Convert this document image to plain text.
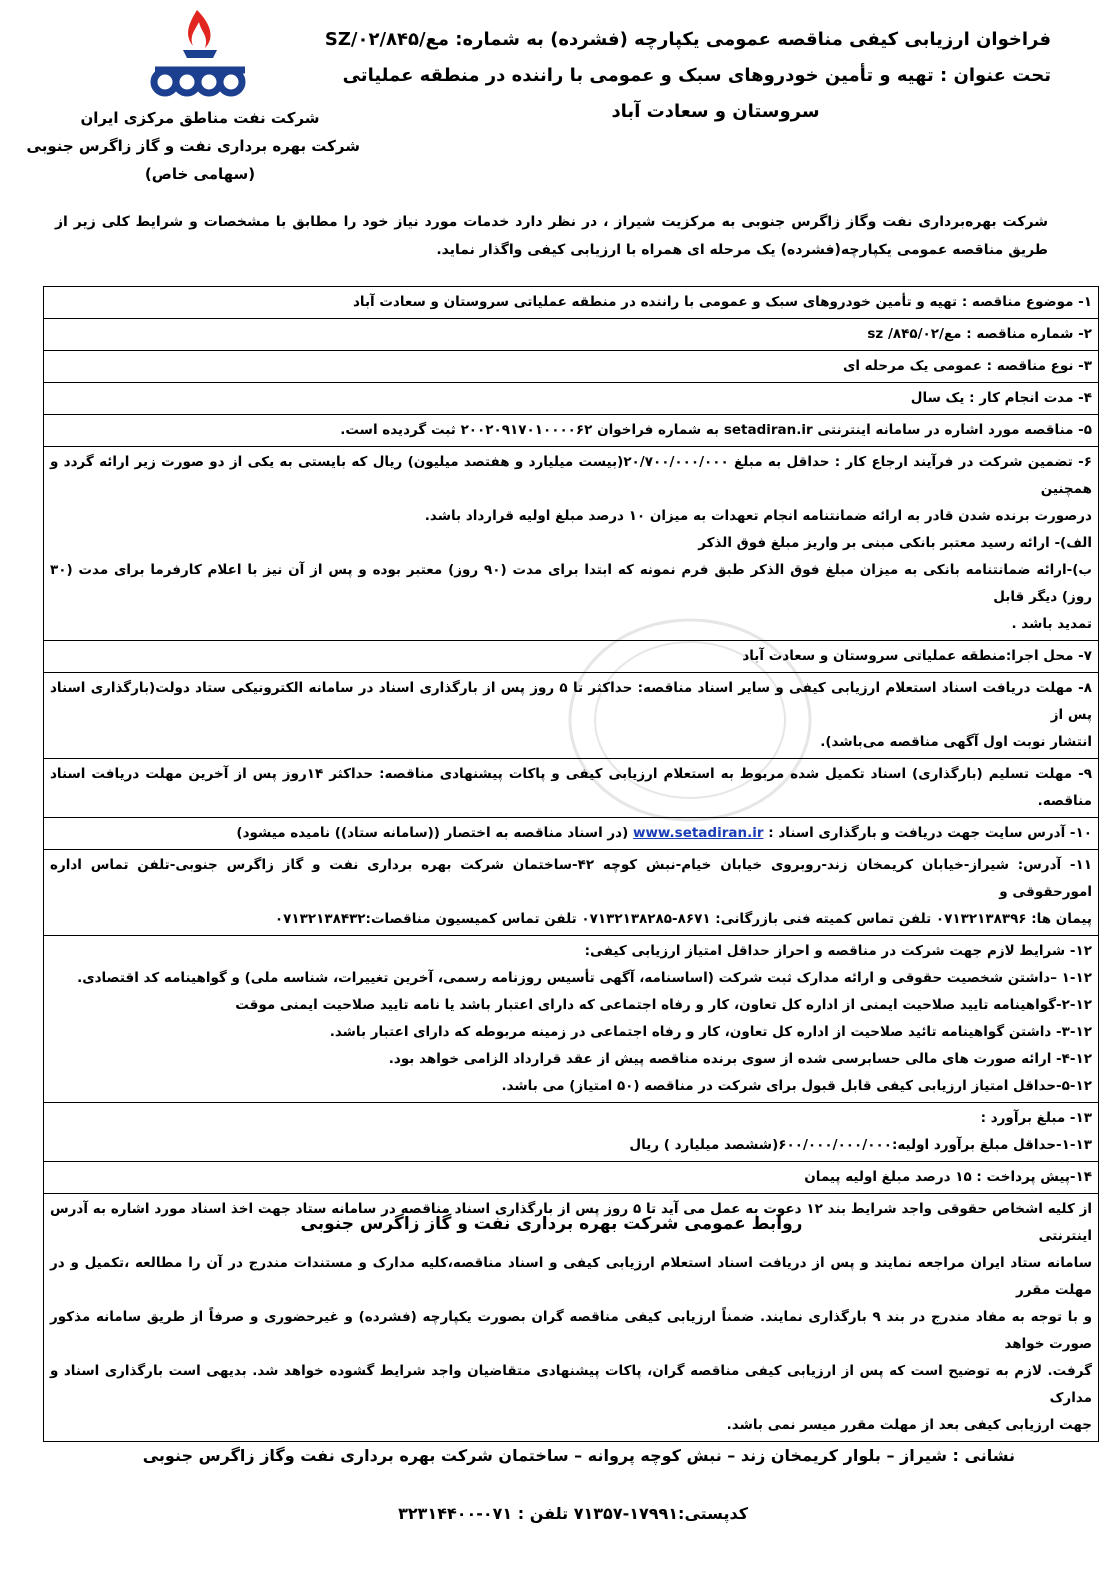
شرکت نفت مناطق مرکزی ایران
شرکت بهره برداری نفت و گاز زاگرس جنوبی
(سهامی خاص)
فراخوان ارزیابی کیفی مناقصه عمومی یکپارچه (فشرده) به شماره: مع/۰۲/۸۴۵/SZ
تحت عنوان : تهیه و تأمین خودروهای سبک و عمومی با راننده در منطقه عملیاتی
سروستان و سعادت آباد
شرکت بهره‌برداری نفت وگاز زاگرس جنوبی به مرکزیت شیراز ، در نظر دارد خدمات مورد نیاز خود را مطابق با مشخصات و شرایط کلی زیر از طریق مناقصه عمومی یکپارچه(فشرده) یک مرحله ای همراه با ارزیابی کیفی واگذار نماید.
۱- موضوع مناقصه : تهیه و تأمین خودروهای سبک و عمومی با راننده در منطقه عملیاتی سروستان و سعادت آباد
۲- شماره مناقصه : مع/۸۴۵/۰۲/ sz
۳- نوع مناقصه : عمومی یک مرحله ای
۴- مدت انجام کار : یک سال
۵- مناقصه مورد اشاره در سامانه اینترنتی setadiran.ir به شماره فراخوان ۲۰۰۲۰۹۱۷۰۱۰۰۰۰۶۲ ثبت گردیده است.

۶- تضمین شرکت در فرآیند ارجاع کار : حداقل به مبلغ ۲۰/۷۰۰/۰۰۰/۰۰۰(بیست میلیارد و هفتصد میلیون) ریال که بایستی به یکی از دو صورت زیر ارائه گردد و همچنین
درصورت برنده شدن قادر به ارائه ضمانتنامه انجام تعهدات به میزان ۱۰ درصد مبلغ اولیه قرارداد باشد.
الف)- ارائه رسید معتبر بانکی مبنی بر واریز مبلغ فوق الذکر
ب)-ارائه ضمانتنامه بانکی به میزان مبلغ فوق الذکر طبق فرم نمونه که ابتدا برای مدت (۹۰ روز) معتبر بوده و پس از آن نیز با اعلام کارفرما برای مدت (۳۰ روز) دیگر قابل
تمدید باشد .

۷- محل اجرا:منطقه عملیاتی سروستان و سعادت آباد

۸- مهلت دریافت اسناد استعلام ارزیابی کیفی و سایر اسناد مناقصه: حداکثر تا ۵ روز پس از بارگذاری اسناد در سامانه الکترونیکی ستاد دولت(بارگذاری اسناد پس از
انتشار نوبت اول آگهی مناقصه می‌باشد).

۹- مهلت تسلیم (بارگذاری) اسناد تکمیل شده مربوط به استعلام ارزیابی کیفی و پاکات پیشنهادی مناقصه: حداکثر ۱۴روز پس از آخرین مهلت دریافت اسناد مناقصه.
۱۰- آدرس سایت جهت دریافت و بارگذاری اسناد : www.setadiran.ir (در اسناد مناقصه به اختصار ((سامانه ستاد)) نامیده میشود)

۱۱- آدرس: شیراز-خیابان کریمخان زند-روبروی خیابان خیام-نبش کوچه ۴۲-ساختمان شرکت بهره برداری نفت و گاز زاگرس جنوبی-تلفن تماس اداره امورحقوقی و
پیمان ها: ۰۷۱۳۲۱۳۸۳۹۶ تلفن تماس کمیته فنی بازرگانی: ۸۶۷۱-۰۷۱۳۲۱۳۸۲۸۵ تلفن تماس کمیسیون مناقصات:۰۷۱۳۲۱۳۸۴۳۲

۱۲- شرایط لازم جهت شرکت در مناقصه و احراز حداقل امتیاز ارزیابی کیفی:
۱-۱۲ –داشتن شخصیت حقوقی و ارائه مدارک ثبت شرکت (اساسنامه، آگهی تأسیس روزنامه رسمی، آخرین تغییرات، شناسه ملی) و گواهینامه کد اقتصادی.
۲-۱۲-گواهینامه تایید صلاحیت ایمنی از اداره کل تعاون، کار و رفاه اجتماعی که دارای اعتبار باشد یا نامه تایید صلاحیت ایمنی موقت
۳-۱۲- داشتن گواهینامه تائید صلاحیت از اداره کل تعاون، کار و رفاه اجتماعی در زمینه مربوطه که دارای اعتبار باشد.
۴-۱۲- ارائه صورت های مالی حسابرسی شده از سوی برنده مناقصه پیش از عقد قرارداد الزامی خواهد بود.
۵-۱۲-حداقل امتیاز ارزیابی کیفی قابل قبول برای شرکت در مناقصه (۵۰ امتیاز) می باشد.

۱۳- مبلغ برآورد :
۱-۱۳-حداقل مبلغ برآورد اولیه:۶۰۰/۰۰۰/۰۰۰/۰۰۰(ششصد میلیارد ) ریال

۱۴-پیش پرداخت : ۱۵ درصد مبلغ اولیه پیمان

از کلیه اشخاص حقوقی واجد شرایط بند ۱۲ دعوت به عمل می آید تا ۵ روز پس از بارگذاری اسناد مناقصه در سامانه ستاد جهت اخذ اسناد مورد اشاره به آدرس اینترنتی
سامانه ستاد ایران مراجعه نمایند و پس از دریافت اسناد استعلام ارزیابی کیفی و اسناد مناقصه،کلیه مدارک و مستندات مندرج در آن را مطالعه ،تکمیل و در مهلت مقرر
و با توجه به مفاد مندرج در بند ۹ بارگذاری نمایند. ضمناً ارزیابی کیفی مناقصه گران بصورت یکپارچه (فشرده) و غیرحضوری و صرفاً از طریق سامانه مذکور صورت خواهد
گرفت. لازم به توضیح است که پس از ارزیابی کیفی مناقصه گران، پاکات پیشنهادی متقاضیان واجد شرایط گشوده خواهد شد. بدیهی است بارگذاری اسناد و مدارک
جهت ارزیابی کیفی بعد از مهلت مقرر میسر نمی باشد.
روابط عمومی شرکت بهره برداری نفت و گاز زاگرس جنوبی
نشانی : شیراز – بلوار کریمخان زند – نبش کوچه پروانه – ساختمان شرکت بهره برداری نفت وگاز زاگرس جنوبی
کدپستی:۱۷۹۹۱-۷۱۳۵۷ تلفن : ۰۷۱-۳۲۳۱۴۴۰۰
